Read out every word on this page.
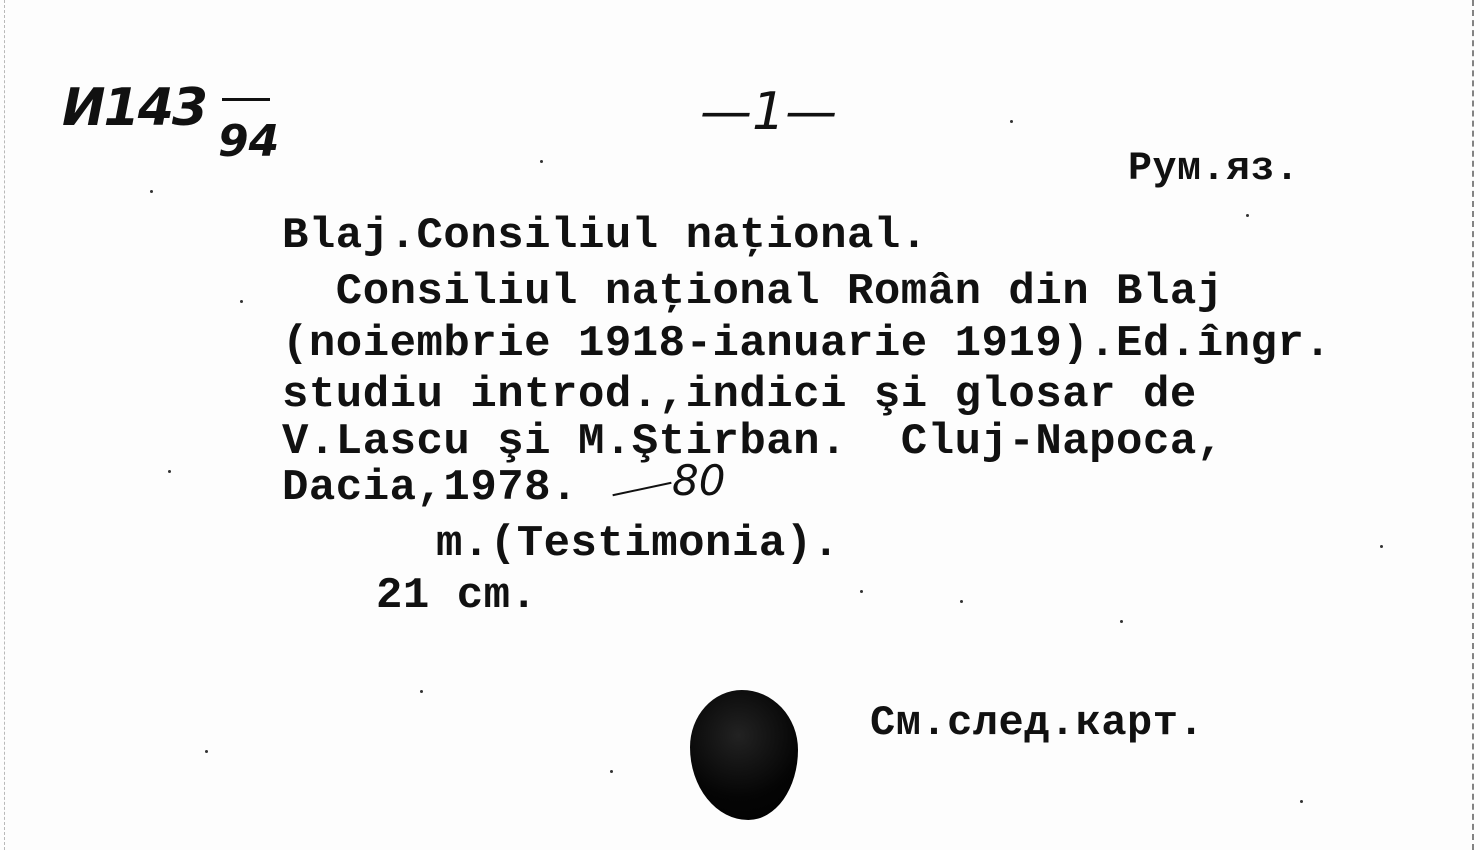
И143
94	—1—
Рум.яз.
Blaj.Consiliul naţional.
Consiliul naţional Român din Blaj
(noiembrie 1918-ianuarie 1919).Ed.îngr.
studiu introd.,indici şi glosar de
V.Lascu şi M.Ştirban.  Cluj-Napoca,
Dacia,1978. 80
m.(Testimonia).
21 cm.
См.след.карт.
